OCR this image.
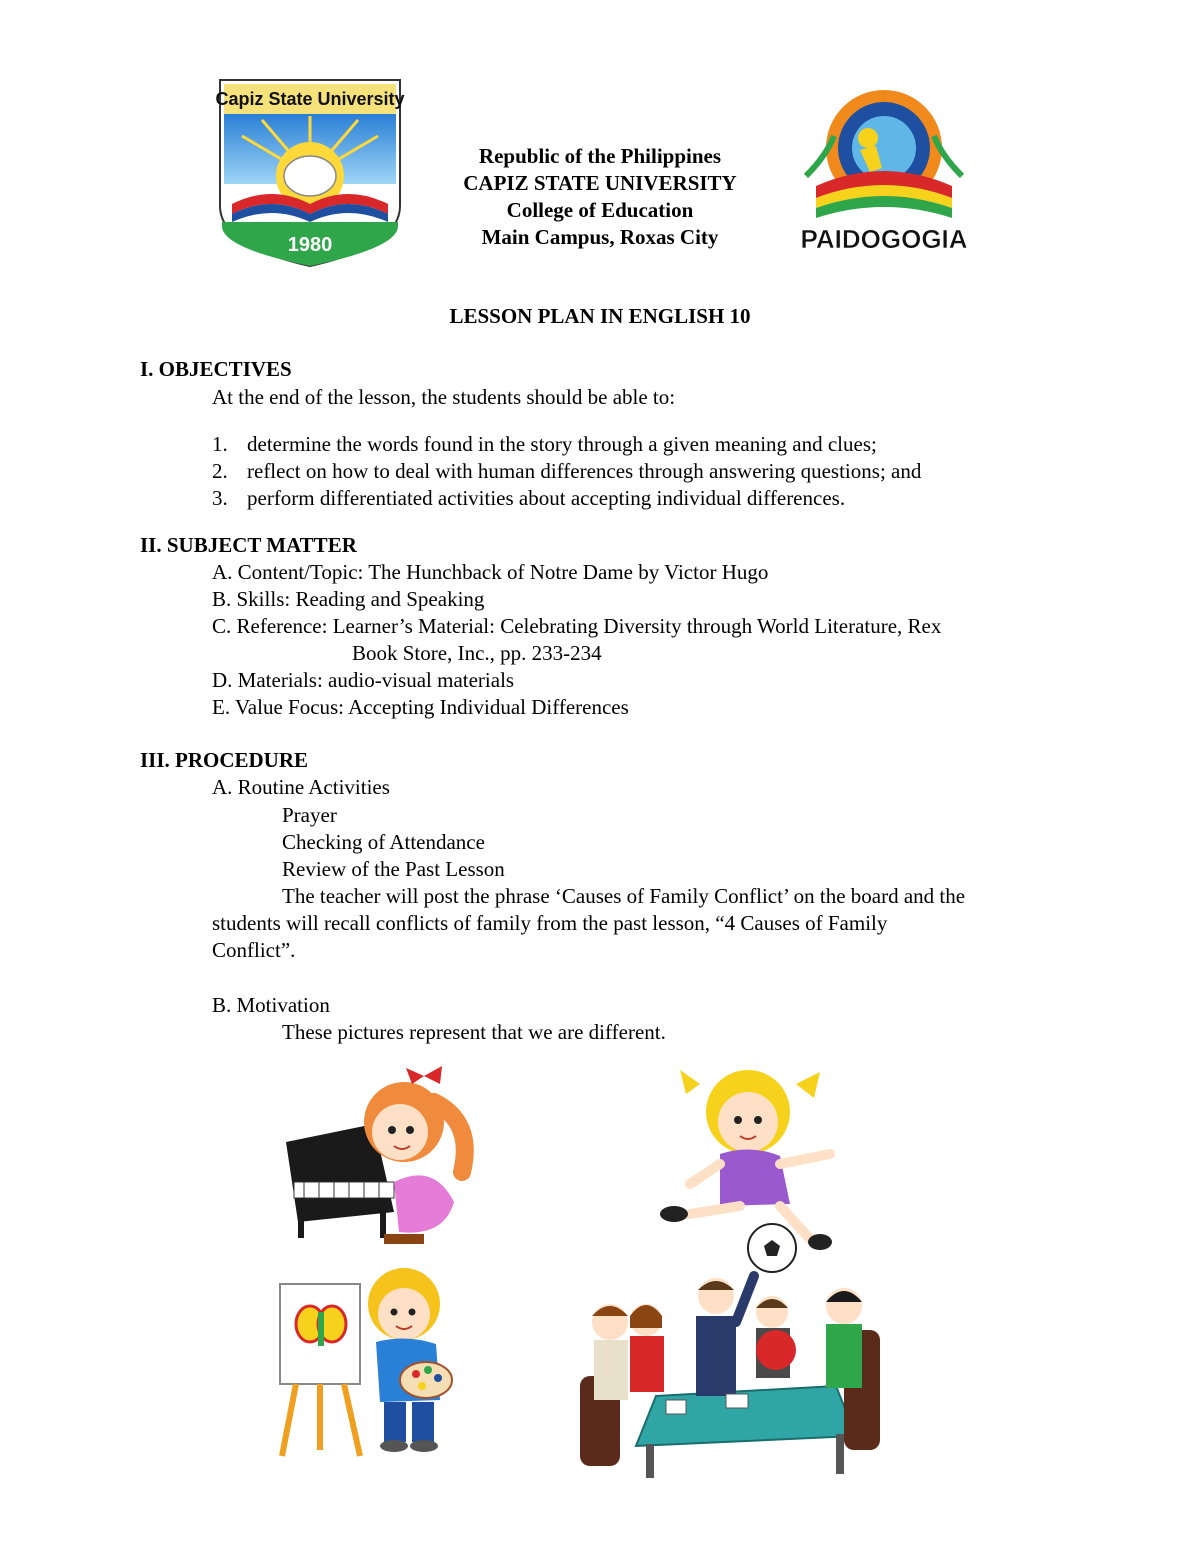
Capiz State University
1980	PAIDOGOGIA
Republic of the Philippines
CAPIZ STATE UNIVERSITY
College of Education
Main Campus, Roxas City
LESSON PLAN IN ENGLISH 10
I. OBJECTIVES
At the end of the lesson, the students should be able to:
1. determine the words found in the story through a given meaning and clues;
2. reflect on how to deal with human differences through answering questions; and
3. perform differentiated activities about accepting individual differences.
II. SUBJECT MATTER
A. Content/Topic: The Hunchback of Notre Dame by Victor Hugo
B. Skills: Reading and Speaking
C. Reference: Learner’s Material: Celebrating Diversity through World Literature, Rex
Book Store, Inc., pp. 233-234
D. Materials: audio-visual materials
E. Value Focus: Accepting Individual Differences
III. PROCEDURE
A. Routine Activities
Prayer
Checking of Attendance
Review of the Past Lesson
The teacher will post the phrase ‘Causes of Family Conflict’ on the board and the
students will recall conflicts of family from the past lesson, “4 Causes of Family
Conflict”.
B. Motivation
These pictures represent that we are different.
